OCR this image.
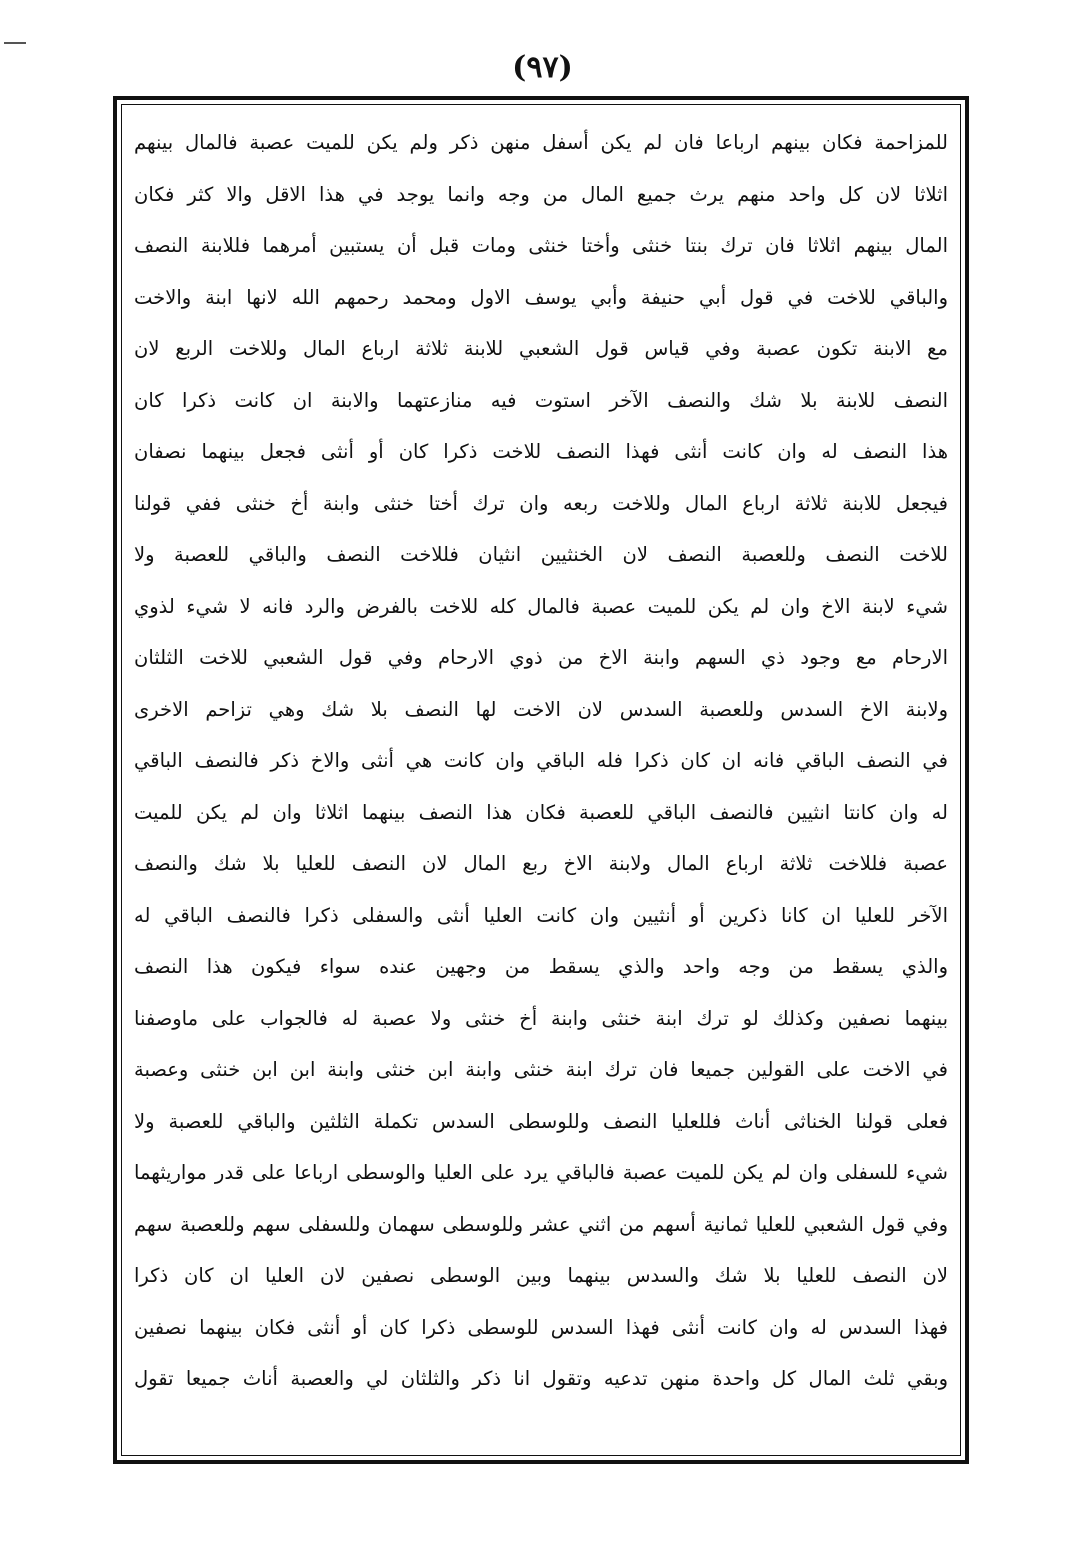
(٩٧)
للمزاحمة فكان بينهم ارباعا فان لم يكن أسفل منهن ذكر ولم يكن للميت عصبة فالمال بينهم
اثلاثا لان كل واحد منهم يرث جميع المال من وجه وانما يوجد في هذا الاقل والا كثر فكان
المال بينهم اثلاثا فان ترك بنتا خنثى وأختا خنثى ومات قبل أن يستبين أمرهما فللابنة النصف
والباقي للاخت في قول أبي حنيفة وأبي يوسف الاول ومحمد رحمهم الله لانها ابنة والاخت
مع الابنة تكون عصبة وفي قياس قول الشعبي للابنة ثلاثة ارباع المال وللاخت الربع لان
النصف للابنة بلا شك والنصف الآخر استوت فيه منازعتهما والابنة ان كانت ذكرا كان
هذا النصف له وان كانت أنثى فهذا النصف للاخت ذكرا كان أو أنثى فجعل بينهما نصفان
فيجعل للابنة ثلاثة ارباع المال وللاخت ربعه وان ترك أختا خنثى وابنة أخ خنثى ففي قولنا
للاخت النصف وللعصبة النصف لان الخنثيين انثيان فللاخت النصف والباقي للعصبة ولا
شيء لابنة الاخ وان لم يكن للميت عصبة فالمال كله للاخت بالفرض والرد فانه لا شيء لذوي
الارحام مع وجود ذي السهم وابنة الاخ من ذوي الارحام وفي قول الشعبي للاخت الثلثان
ولابنة الاخ السدس وللعصبة السدس لان الاخت لها النصف بلا شك وهي تزاحم الاخرى
في النصف الباقي فانه ان كان ذكرا فله الباقي وان كانت هي أنثى والاخ ذكر فالنصف الباقي
له وان كانتا انثيين فالنصف الباقي للعصبة فكان هذا النصف بينهما اثلاثا وان لم يكن للميت
عصبة فللاخت ثلاثة ارباع المال ولابنة الاخ ربع المال لان النصف للعليا بلا شك والنصف
الآخر للعليا ان كانا ذكرين أو أنثيين وان كانت العليا أنثى والسفلى ذكرا فالنصف الباقي له
والذي يسقط من وجه واحد والذي يسقط من وجهين عنده سواء فيكون هذا النصف
بينهما نصفين وكذلك لو ترك ابنة خنثى وابنة أخ خنثى ولا عصبة له فالجواب على ماوصفنا
في الاخت على القولين جميعا فان ترك ابنة خنثى وابنة ابن خنثى وابنة ابن ابن خنثى وعصبة
فعلى قولنا الخناثى أناث فللعليا النصف وللوسطى السدس تكملة الثلثين والباقي للعصبة ولا
شيء للسفلى وان لم يكن للميت عصبة فالباقي يرد على العليا والوسطى ارباعا على قدر مواريثهما
وفي قول الشعبي للعليا ثمانية أسهم من اثني عشر وللوسطى سهمان وللسفلى سهم وللعصبة سهم
لان النصف للعليا بلا شك والسدس بينهما وبين الوسطى نصفين لان العليا ان كان ذكرا
فهذا السدس له وان كانت أنثى فهذا السدس للوسطى ذكرا كان أو أنثى فكان بينهما نصفين
وبقي ثلث المال كل واحدة منهن تدعيه وتقول انا ذكر والثلثان لي والعصبة أناث جميعا تقول
